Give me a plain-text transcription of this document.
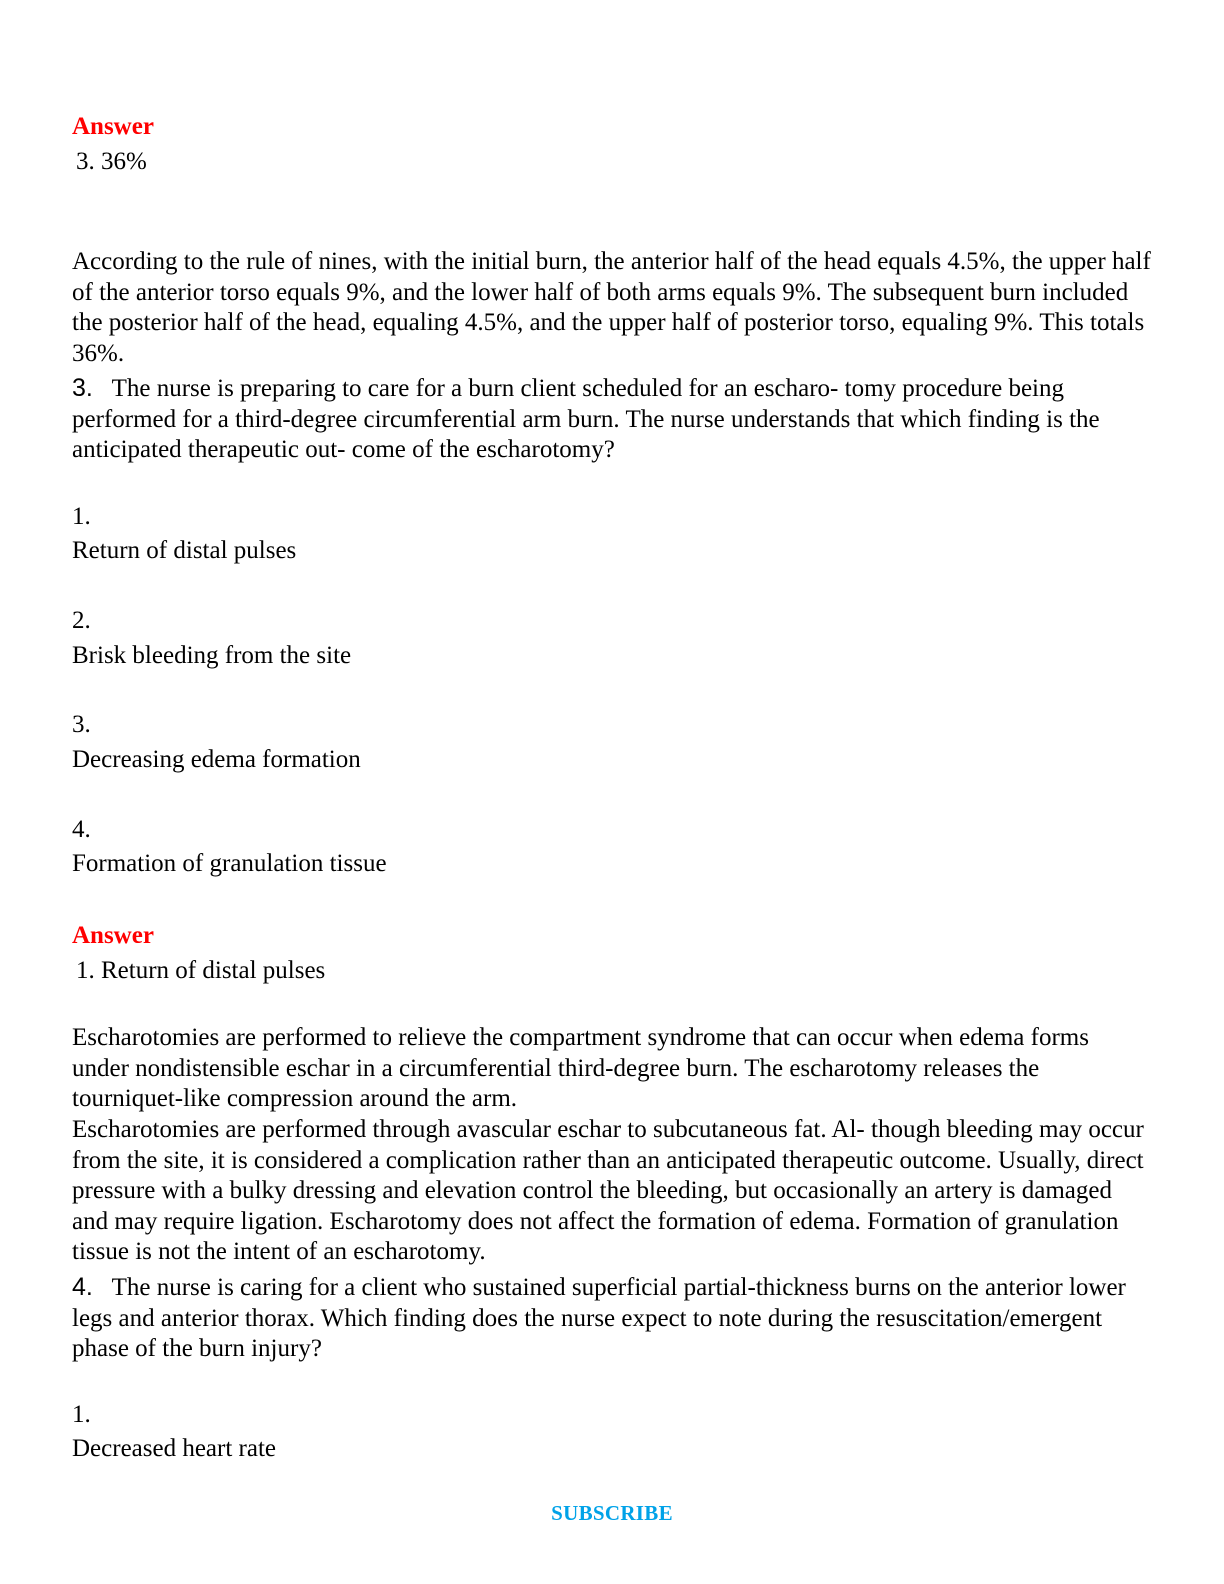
Answer
3. 36%

According to the rule of nines, with the initial burn, the anterior half of the head equals 4.5%, the upper half of the anterior torso equals 9%, and the lower half of both arms equals 9%. The subsequent burn included the posterior half of the head, equaling 4.5%, and the upper half of posterior torso, equaling 9%. This totals 36%.

3. The nurse is preparing to care for a burn client scheduled for an escharo- tomy procedure being performed for a third-degree circumferential arm burn. The nurse understands that which finding is the anticipated therapeutic out- come of the escharotomy?

1.
Return of distal pulses
2.
Brisk bleeding from the site
3.
Decreasing edema formation
4.
Formation of granulation tissue
Answer
1. Return of distal pulses

Escharotomies are performed to relieve the compartment syndrome that can occur when edema forms under nondistensible eschar in a circumferential third-degree burn. The escharotomy releases the tourniquet-like compression around the arm.

Escharotomies are performed through avascular eschar to subcutaneous fat. Al- though bleeding may occur from the site, it is considered a complication rather than an anticipated therapeutic outcome. Usually, direct pressure with a bulky dressing and elevation control the bleeding, but occasionally an artery is damaged and may require ligation. Escharotomy does not affect the formation of edema. Formation of granulation tissue is not the intent of an escharotomy.

4. The nurse is caring for a client who sustained superficial partial-thickness burns on the anterior lower legs and anterior thorax. Which finding does the nurse expect to note during the resuscitation/emergent phase of the burn injury?

1.
Decreased heart rate
SUBSCRIBE
